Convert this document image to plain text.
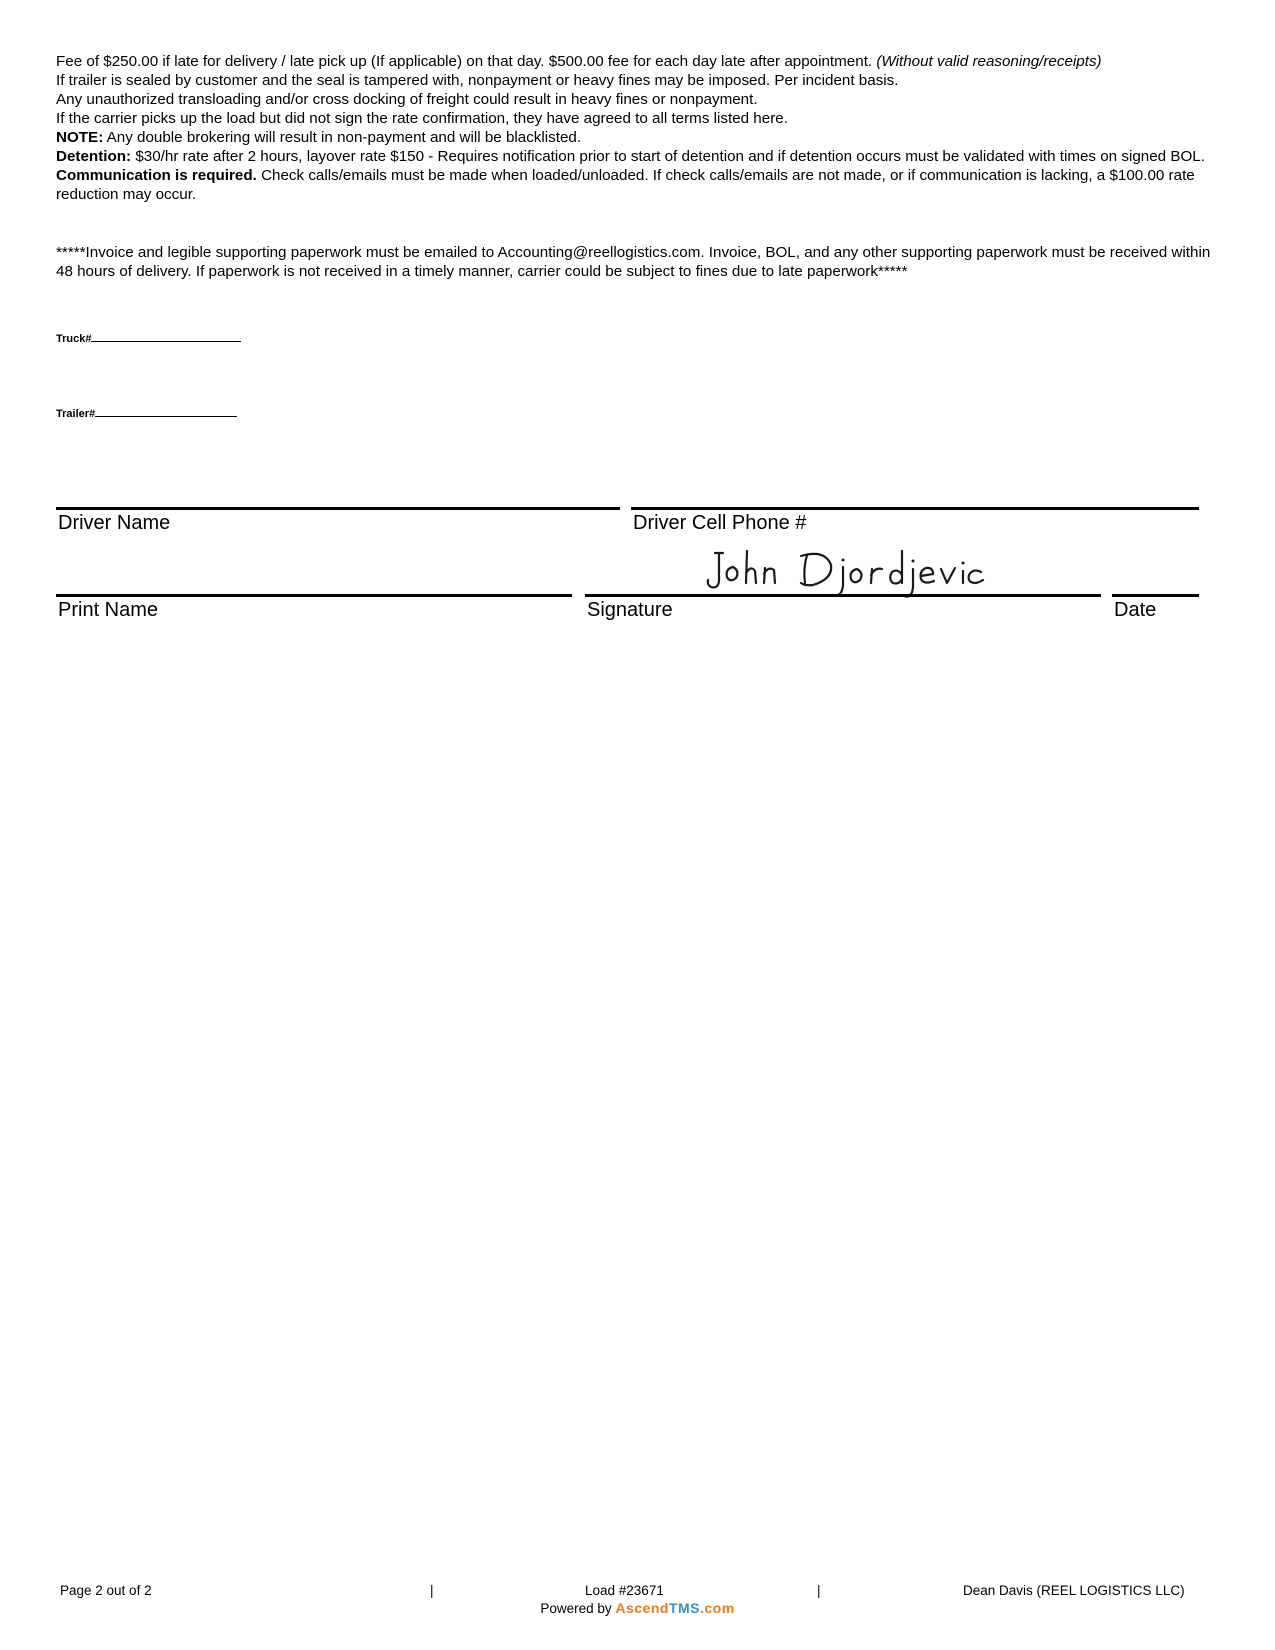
Fee of $250.00 if late for delivery / late pick up (If applicable) on that day. $500.00 fee for each day late after appointment. (Without valid reasoning/receipts)

If trailer is sealed by customer and the seal is tampered with, nonpayment or heavy fines may be imposed. Per incident basis.

Any unauthorized transloading and/or cross docking of freight could result in heavy fines or nonpayment.

If the carrier picks up the load but did not sign the rate confirmation, they have agreed to all terms listed here.

NOTE: Any double brokering will result in non-payment and will be blacklisted.

Detention: $30/hr rate after 2 hours, layover rate $150 - Requires notification prior to start of detention and if detention occurs must be validated with times on signed BOL.

Communication is required. Check calls/emails must be made when loaded/unloaded. If check calls/emails are not made, or if communication is lacking, a $100.00 rate reduction may occur.

*****Invoice and legible supporting paperwork must be emailed to Accounting@reellogistics.com. Invoice, BOL, and any other supporting paperwork must be received within 48 hours of delivery. If paperwork is not received in a timely manner, carrier could be subject to fines due to late paperwork*****

Truck#
Trailer#
Driver Name	Driver Cell Phone #
Print Name	Signature	Date
Page 2 out of 2	|	Load #23671	|	Dean Davis (REEL LOGISTICS LLC)
Powered by AscendTMS.com
